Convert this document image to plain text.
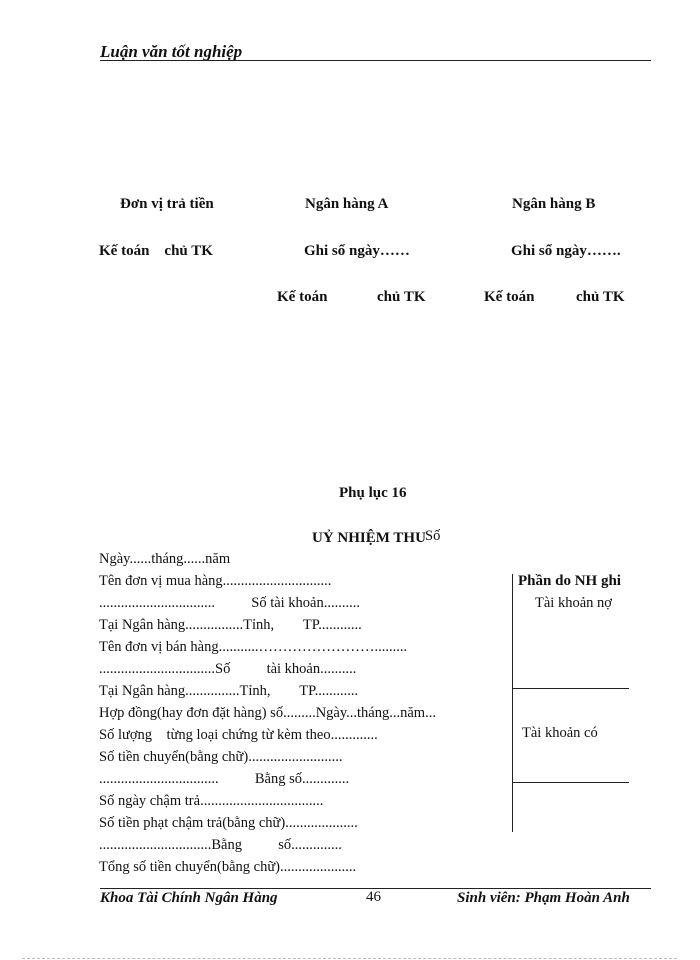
Luận văn tốt nghiệp
Đơn vị trả tiền	Ngân hàng A	Ngân hàng B
Kế toán    chủ TK	Ghi sổ ngày……	Ghi sổ ngày…….
Kế toán	chủ TK	Kế toán	chủ TK
Phụ lục 16
UỶ NHIỆM THU Số
Ngày......tháng......năm
Tên đơn vị mua hàng..............................
................................          Số tài khoản..........
Tại Ngân hàng................Tỉnh,        TP............
Tên đơn vị bán hàng...........…………………….........
................................Số          tài khoản..........
Tại Ngân hàng...............Tỉnh,        TP............
Hợp đồng(hay đơn đặt hàng) số.........Ngày...tháng...năm...
Số lượng    từng loại chứng từ kèm theo.............
Số tiền chuyển(bằng chữ)..........................
.................................          Bằng số.............
Số ngày chậm trả..................................
Số tiền phạt chậm trả(bằng chữ)....................
...............................Bằng          số..............
Tổng số tiền chuyển(bằng chữ).....................
Phần do NH ghi
Tài khoản nợ
Tài khoản có
Khoa Tài Chính Ngân Hàng	46	Sinh viên: Phạm Hoàn Anh
